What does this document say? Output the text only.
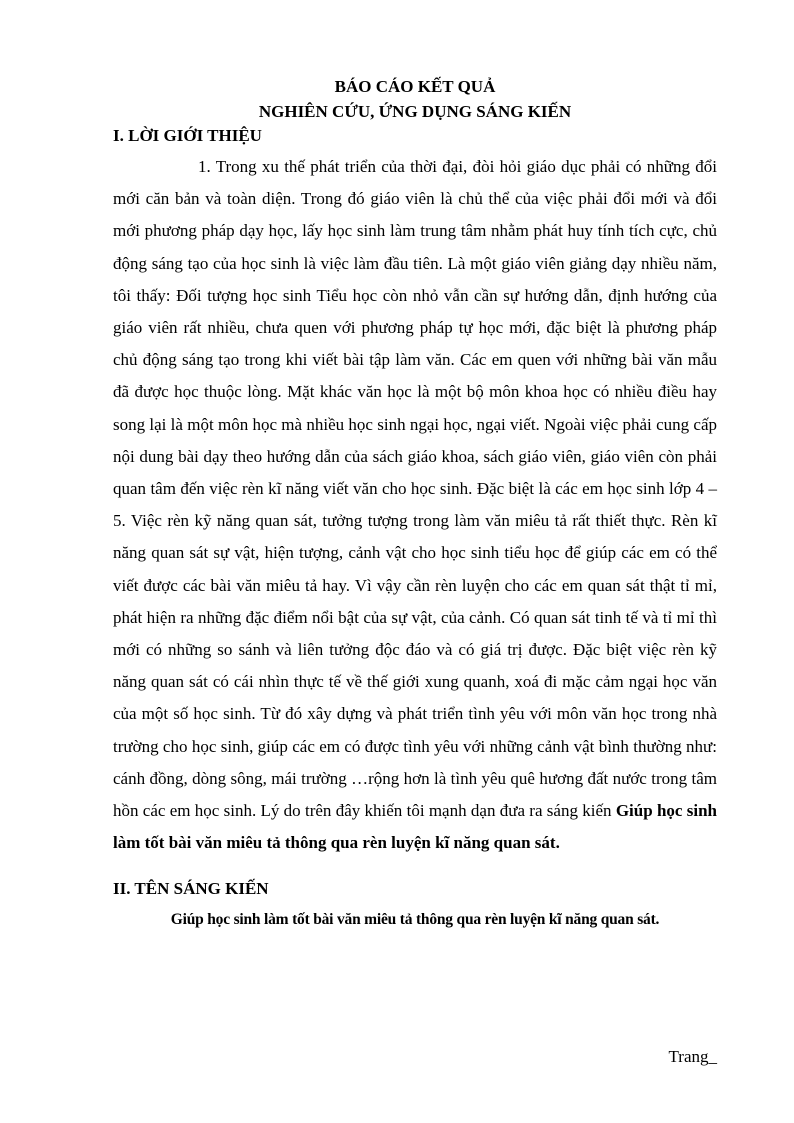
BÁO CÁO KẾT QUẢ

NGHIÊN CỨU, ỨNG DỤNG SÁNG KIẾN

I. LỜI GIỚI THIỆU

1. Trong xu thế phát triển của thời đại, đòi hỏi giáo dục phải có những đổi mới căn bản và toàn diện. Trong đó giáo viên là chủ thể của việc phải đổi mới và đổi mới phương pháp dạy học, lấy học sinh làm trung tâm nhằm phát huy tính tích cực, chủ động sáng tạo của học sinh là việc làm đầu tiên. Là một giáo viên giảng dạy nhiều năm, tôi thấy: Đối tượng học sinh Tiểu học còn nhỏ vẫn cần sự hướng dẫn, định hướng của giáo viên rất nhiều, chưa quen với phương pháp tự học mới, đặc biệt là phương pháp chủ động sáng tạo trong khi viết bài tập làm văn. Các em quen với những bài văn mẫu đã được học thuộc lòng. Mặt khác văn học là một bộ môn khoa học có nhiều điều hay song lại là một môn học mà nhiều học sinh ngại học, ngại viết. Ngoài việc phải cung cấp nội dung bài dạy theo hướng dẫn của sách giáo khoa, sách giáo viên, giáo viên còn phải quan tâm đến việc rèn kĩ năng viết văn cho học sinh. Đặc biệt là các em học sinh lớp 4 – 5. Việc rèn kỹ năng quan sát, tưởng tượng trong làm văn miêu tả rất thiết thực. Rèn kĩ năng quan sát sự vật, hiện tượng, cảnh vật cho học sinh tiểu học để giúp các em có thể viết được các bài văn miêu tả hay. Vì vậy cần rèn luyện cho các em quan sát thật tỉ mỉ, phát hiện ra những đặc điểm nổi bật của sự vật, của cảnh. Có quan sát tinh tế và tỉ mỉ thì mới có những so sánh và liên tưởng độc đáo và có giá trị được. Đặc biệt việc rèn kỹ năng quan sát có cái nhìn thực tế về thế giới xung quanh, xoá đi mặc cảm ngại học văn của một số học sinh. Từ đó xây dựng và phát triển tình yêu với môn văn học trong nhà trường cho học sinh, giúp các em có được tình yêu với những cảnh vật bình thường như: cánh đồng, dòng sông, mái trường …rộng hơn là tình yêu quê hương đất nước trong tâm hồn các em học sinh. Lý do trên đây khiến tôi mạnh dạn đưa ra sáng kiến Giúp học sinh làm tốt bài văn miêu tả thông qua rèn luyện kĩ năng quan sát.

II. TÊN SÁNG KIẾN

Giúp học sinh làm tốt bài văn miêu tả thông qua rèn luyện kĩ năng quan sát.

Trang_
